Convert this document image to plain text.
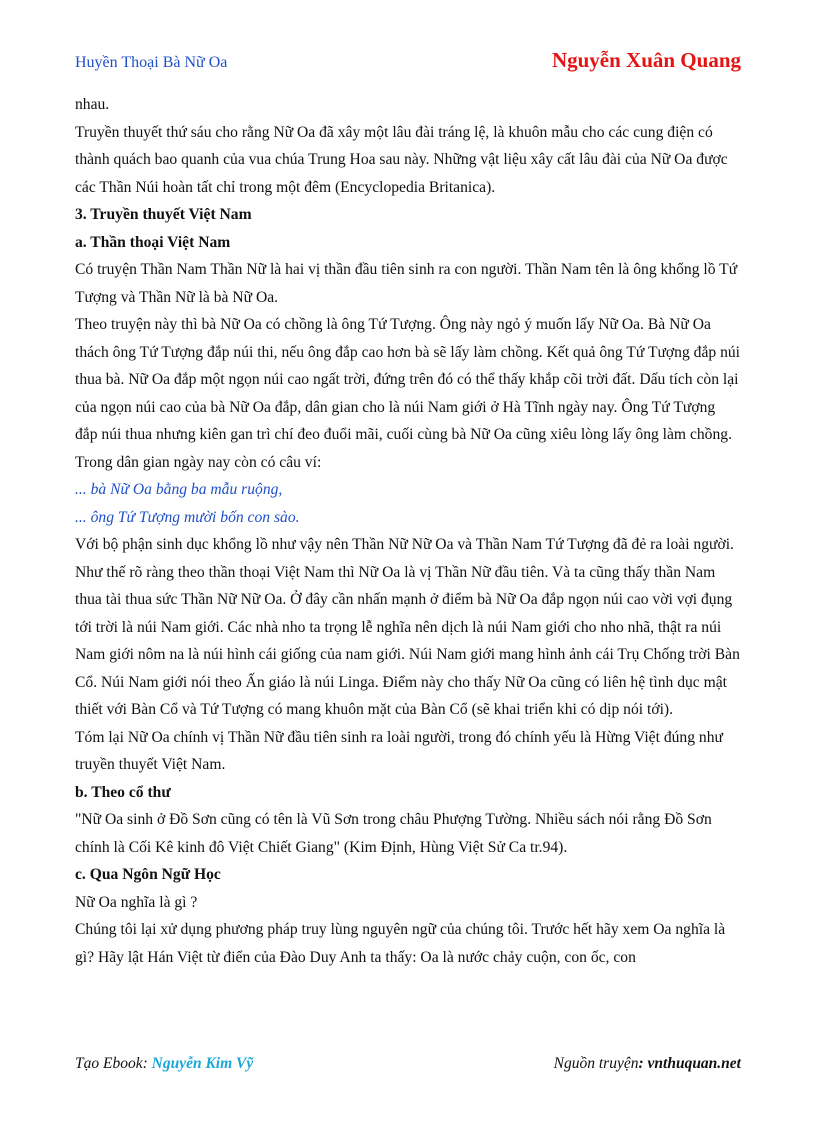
Huyền Thoại Bà Nữ Oa	Nguyễn Xuân Quang

nhau.

Truyền thuyết thứ sáu cho rằng Nữ Oa đã xây một lâu đài tráng lệ, là khuôn mẫu cho các cung điện có thành quách bao quanh của vua chúa Trung Hoa sau này. Những vật liệu xây cất lâu đài của Nữ Oa được các Thần Núi hoàn tất chỉ trong một đêm (Encyclopedia Britanica).

3. Truyền thuyết Việt Nam

a. Thần thoại Việt Nam

Có truyện Thần Nam Thần Nữ là hai vị thần đầu tiên sinh ra con người. Thần Nam tên là ông khổng lồ Tứ Tượng và Thần Nữ là bà Nữ Oa.

Theo truyện này thì bà Nữ Oa có chồng là ông Tứ Tượng. Ông này ngỏ ý muốn lấy Nữ Oa. Bà Nữ Oa thách ông Tứ Tượng đắp núi thi, nếu ông đắp cao hơn bà sẽ lấy làm chồng. Kết quả ông Tứ Tượng đắp núi thua bà. Nữ Oa đắp một ngọn núi cao ngất trời, đứng trên đó có thể thấy khắp cõi trời đất. Dấu tích còn lại của ngọn núi cao của bà Nữ Oa đắp, dân gian cho là núi Nam giới ở Hà Tĩnh ngày nay. Ông Tứ Tượng đắp núi thua nhưng kiên gan trì chí đeo đuổi mãi, cuối cùng bà Nữ Oa cũng xiêu lòng lấy ông làm chồng. Trong dân gian ngày nay còn có câu ví:

... bà Nữ Oa bằng ba mẫu ruộng,

... ông Tứ Tượng mười bốn con sào.

Với bộ phận sinh dục khổng lồ như vậy nên Thần Nữ Nữ Oa và Thần Nam Tứ Tượng đã đẻ ra loài người.

Như thế rõ ràng theo thần thoại Việt Nam thì Nữ Oa là vị Thần Nữ đầu tiên. Và ta cũng thấy thần Nam thua tài thua sức Thần Nữ Nữ Oa. Ở đây cần nhấn mạnh ở điểm bà Nữ Oa đắp ngọn núi cao vời vợi đụng tới trời là núi Nam giới. Các nhà nho ta trọng lễ nghĩa nên dịch là núi Nam giới cho nho nhã, thật ra núi Nam giới nôm na là núi hình cái giống của nam giới. Núi Nam giới mang hình ảnh cái Trụ Chống trời Bàn Cổ. Núi Nam giới nói theo Ấn giáo là núi Linga. Điểm này cho thấy Nữ Oa cũng có liên hệ tình dục mật thiết với Bàn Cổ và Tứ Tượng có mang khuôn mặt của Bàn Cổ (sẽ khai triển khi có dịp nói tới).

Tóm lại Nữ Oa chính vị Thần Nữ đầu tiên sinh ra loài người, trong đó chính yếu là Hừng Việt đúng như truyền thuyết Việt Nam.

b. Theo cổ thư

"Nữ Oa sinh ở Đồ Sơn cũng có tên là Vũ Sơn trong châu Phượng Tường. Nhiều sách nói rằng Đồ Sơn chính là Cối Kê kinh đô Việt Chiết Giang" (Kim Định, Hùng Việt Sử Ca tr.94).

c. Qua Ngôn Ngữ Học

Nữ Oa nghĩa là gì ?

Chúng tôi lại xử dụng phương pháp truy lùng nguyên ngữ của chúng tôi. Trước hết hãy xem Oa nghĩa là gì? Hãy lật Hán Việt từ điển của Đào Duy Anh ta thấy: Oa là nước chảy cuộn, con ốc, con

Tạo Ebook: Nguyễn Kim Vỹ	Nguồn truyện: vnthuquan.net
